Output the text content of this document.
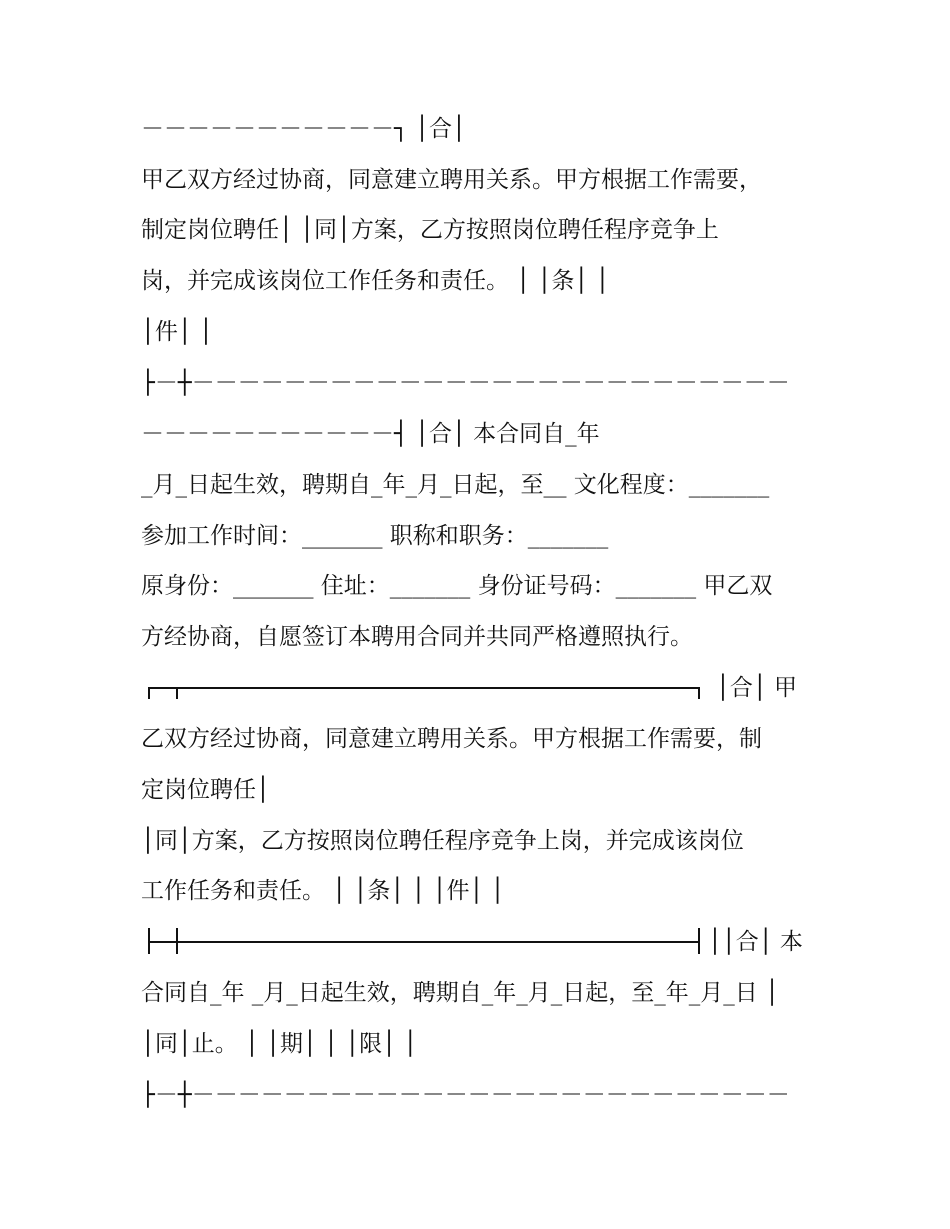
－－－－－－－－－－－┐ │合│
甲乙双方经过协商，同意建立聘用关系。甲方根据工作需要，
制定岗位聘任│ │同│方案，乙方按照岗位聘任程序竞争上
岗，并完成该岗位工作任务和责任。 │ │条│ │
│件│ │
├－┼－－－－－－－－－－－－－－－－－－－－－－－－－－
－－－－－－－－－－－┤ │合│ 本合同自_年
_月_日起生效，聘期自_年_月_日起，至__ 文化程度：_______
参加工作时间：_______ 职称和职务：_______
原身份：_______ 住址：_______ 身份证号码：_______ 甲乙双
方经协商，自愿签订本聘用合同并共同严格遵照执行。
│合│ 甲
乙双方经过协商，同意建立聘用关系。甲方根据工作需要，制
定岗位聘任│
│同│方案，乙方按照岗位聘任程序竞争上岗，并完成该岗位
工作任务和责任。 │ │条│ │ │件│ │
││合│ 本
合同自_年 _月_日起生效，聘期自_年_月_日起，至_年_月_日 │
│同│止。 │ │期│ │ │限│ │
├－┼－－－－－－－－－－－－－－－－－－－－－－－－－－
